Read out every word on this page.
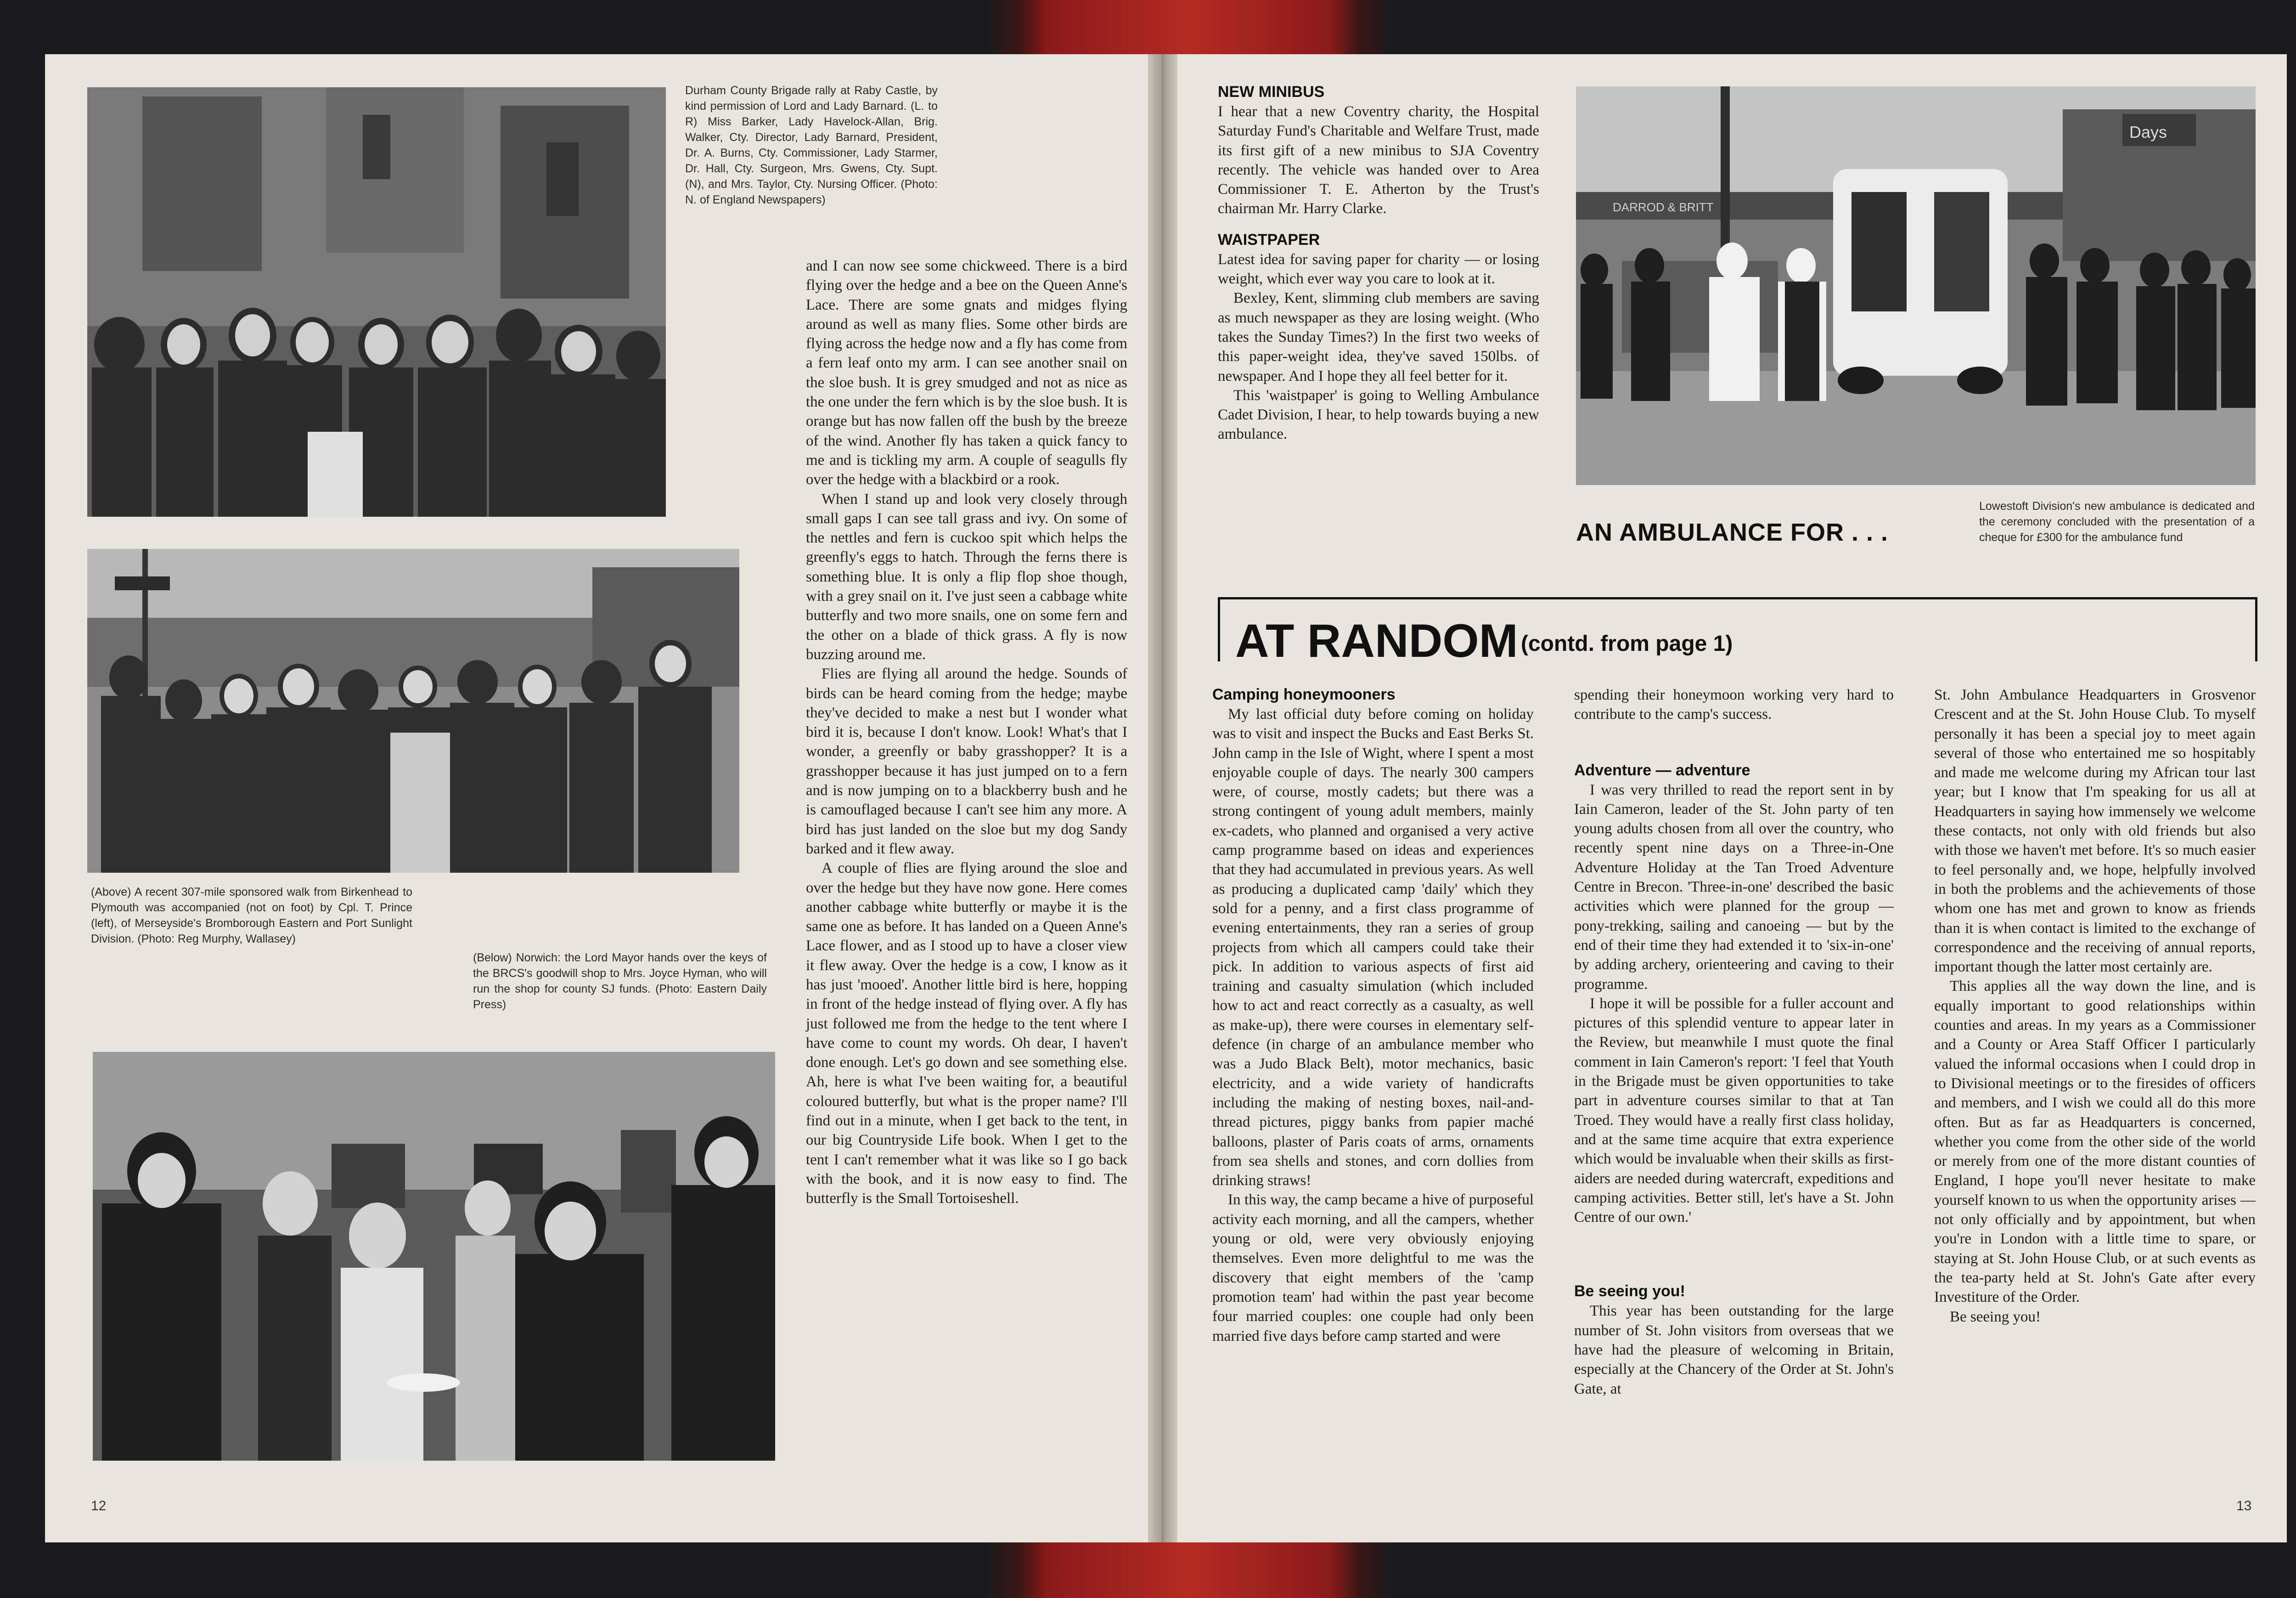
Durham County Brigade rally at Raby Castle, by kind permission of Lord and Lady Barnard. (L. to R) Miss Barker, Lady Havelock-Allan, Brig. Walker, Cty. Director, Lady Barnard, President, Dr. A. Burns, Cty. Commissioner, Lady Starmer, Dr. Hall, Cty. Surgeon, Mrs. Gwens, Cty. Supt. (N), and Mrs. Taylor, Cty. Nursing Officer. (Photo: N. of England Newspapers)

(Above) A recent 307-mile sponsored walk from Birkenhead to Plymouth was accompanied (not on foot) by Cpl. T. Prince (left), of Merseyside's Bromborough Eastern and Port Sunlight Division. (Photo: Reg Murphy, Wallasey)

(Below) Norwich: the Lord Mayor hands over the keys of the BRCS's goodwill shop to Mrs. Joyce Hyman, who will run the shop for county SJ funds. (Photo: Eastern Daily Press)

and I can now see some chickweed. There is a bird flying over the hedge and a bee on the Queen Anne's Lace. There are some gnats and midges flying around as well as many flies. Some other birds are flying across the hedge now and a fly has come from a fern leaf onto my arm. I can see another snail on the sloe bush. It is grey smudged and not as nice as the one under the fern which is by the sloe bush. It is orange but has now fallen off the bush by the breeze of the wind. Another fly has taken a quick fancy to me and is tickling my arm. A couple of seagulls fly over the hedge with a blackbird or a rook.

When I stand up and look very closely through small gaps I can see tall grass and ivy. On some of the nettles and fern is cuckoo spit which helps the greenfly's eggs to hatch. Through the ferns there is something blue. It is only a flip flop shoe though, with a grey snail on it. I've just seen a cabbage white butterfly and two more snails, one on some fern and the other on a blade of thick grass. A fly is now buzzing around me.

Flies are flying all around the hedge. Sounds of birds can be heard coming from the hedge; maybe they've decided to make a nest but I wonder what bird it is, because I don't know. Look! What's that I wonder, a greenfly or baby grasshopper? It is a grasshopper because it has just jumped on to a fern and is now jumping on to a blackberry bush and he is camouflaged because I can't see him any more. A bird has just landed on the sloe but my dog Sandy barked and it flew away.

A couple of flies are flying around the sloe and over the hedge but they have now gone. Here comes another cabbage white butterfly or maybe it is the same one as before. It has landed on a Queen Anne's Lace flower, and as I stood up to have a closer view it flew away. Over the hedge is a cow, I know as it has just 'mooed'. Another little bird is here, hopping in front of the hedge instead of flying over. A fly has just followed me from the hedge to the tent where I have come to count my words. Oh dear, I haven't done enough. Let's go down and see something else. Ah, here is what I've been waiting for, a beautiful coloured butterfly, but what is the proper name? I'll find out in a minute, when I get back to the tent, in our big Countryside Life book. When I get to the tent I can't remember what it was like so I go back with the book, and it is now easy to find. The butterfly is the Small Tortoiseshell.

12
NEW MINIBUS

I hear that a new Coventry charity, the Hospital Saturday Fund's Charitable and Welfare Trust, made its first gift of a new minibus to SJA Coventry recently. The vehicle was handed over to Area Commissioner T. E. Atherton by the Trust's chairman Mr. Harry Clarke.

WAISTPAPER

Latest idea for saving paper for charity — or losing weight, which ever way you care to look at it.

Bexley, Kent, slimming club members are saving as much newspaper as they are losing weight. (Who takes the Sunday Times?) In the first two weeks of this paper-weight idea, they've saved 150lbs. of newspaper. And I hope they all feel better for it.

This 'waistpaper' is going to Welling Ambulance Cadet Division, I hear, to help towards buying a new ambulance.

Days
DARROD & BRITT
AN AMBULANCE FOR . . .

Lowestoft Division's new ambulance is dedicated and the ceremony concluded with the presentation of a cheque for £300 for the ambulance fund

AT RANDOM (contd. from page 1)
Camping honeymooners

My last official duty before coming on holiday was to visit and inspect the Bucks and East Berks St. John camp in the Isle of Wight, where I spent a most enjoyable couple of days. The nearly 300 campers were, of course, mostly cadets; but there was a strong contingent of young adult members, mainly ex-cadets, who planned and organised a very active camp programme based on ideas and experiences that they had accumulated in previous years. As well as producing a duplicated camp 'daily' which they sold for a penny, and a first class programme of evening entertainments, they ran a series of group projects from which all campers could take their pick. In addition to various aspects of first aid training and casualty simulation (which included how to act and react correctly as a casualty, as well as make-up), there were courses in elementary self-defence (in charge of an ambulance member who was a Judo Black Belt), motor mechanics, basic electricity, and a wide variety of handicrafts including the making of nesting boxes, nail-and-thread pictures, piggy banks from papier maché balloons, plaster of Paris coats of arms, ornaments from sea shells and stones, and corn dollies from drinking straws!

In this way, the camp became a hive of purposeful activity each morning, and all the campers, whether young or old, were very obviously enjoying themselves. Even more delightful to me was the discovery that eight members of the 'camp promotion team' had within the past year become four married couples: one couple had only been married five days before camp started and were

spending their honeymoon working very hard to contribute to the camp's success.

Adventure — adventure

I was very thrilled to read the report sent in by Iain Cameron, leader of the St. John party of ten young adults chosen from all over the country, who recently spent nine days on a Three-in-One Adventure Holiday at the Tan Troed Adventure Centre in Brecon. 'Three-in-one' described the basic activities which were planned for the group — pony-trekking, sailing and canoeing — but by the end of their time they had extended it to 'six-in-one' by adding archery, orienteering and caving to their programme.

I hope it will be possible for a fuller account and pictures of this splendid venture to appear later in the Review, but meanwhile I must quote the final comment in Iain Cameron's report: 'I feel that Youth in the Brigade must be given opportunities to take part in adventure courses similar to that at Tan Troed. They would have a really first class holiday, and at the same time acquire that extra experience which would be invaluable when their skills as first-aiders are needed during watercraft, expeditions and camping activities. Better still, let's have a St. John Centre of our own.'

Be seeing you!

This year has been outstanding for the large number of St. John visitors from overseas that we have had the pleasure of welcoming in Britain, especially at the Chancery of the Order at St. John's Gate, at

St. John Ambulance Headquarters in Grosvenor Crescent and at the St. John House Club. To myself personally it has been a special joy to meet again several of those who entertained me so hospitably and made me welcome during my African tour last year; but I know that I'm speaking for us all at Headquarters in saying how immensely we welcome these contacts, not only with old friends but also with those we haven't met before. It's so much easier to feel personally and, we hope, helpfully involved in both the problems and the achievements of those whom one has met and grown to know as friends than it is when contact is limited to the exchange of correspondence and the receiving of annual reports, important though the latter most certainly are.

This applies all the way down the line, and is equally important to good relationships within counties and areas. In my years as a Commissioner and a County or Area Staff Officer I particularly valued the informal occasions when I could drop in to Divisional meetings or to the firesides of officers and members, and I wish we could all do this more often. But as far as Headquarters is concerned, whether you come from the other side of the world or merely from one of the more distant counties of England, I hope you'll never hesitate to make yourself known to us when the opportunity arises — not only officially and by appointment, but when you're in London with a little time to spare, or staying at St. John House Club, or at such events as the tea-party held at St. John's Gate after every Investiture of the Order.

Be seeing you!

13
